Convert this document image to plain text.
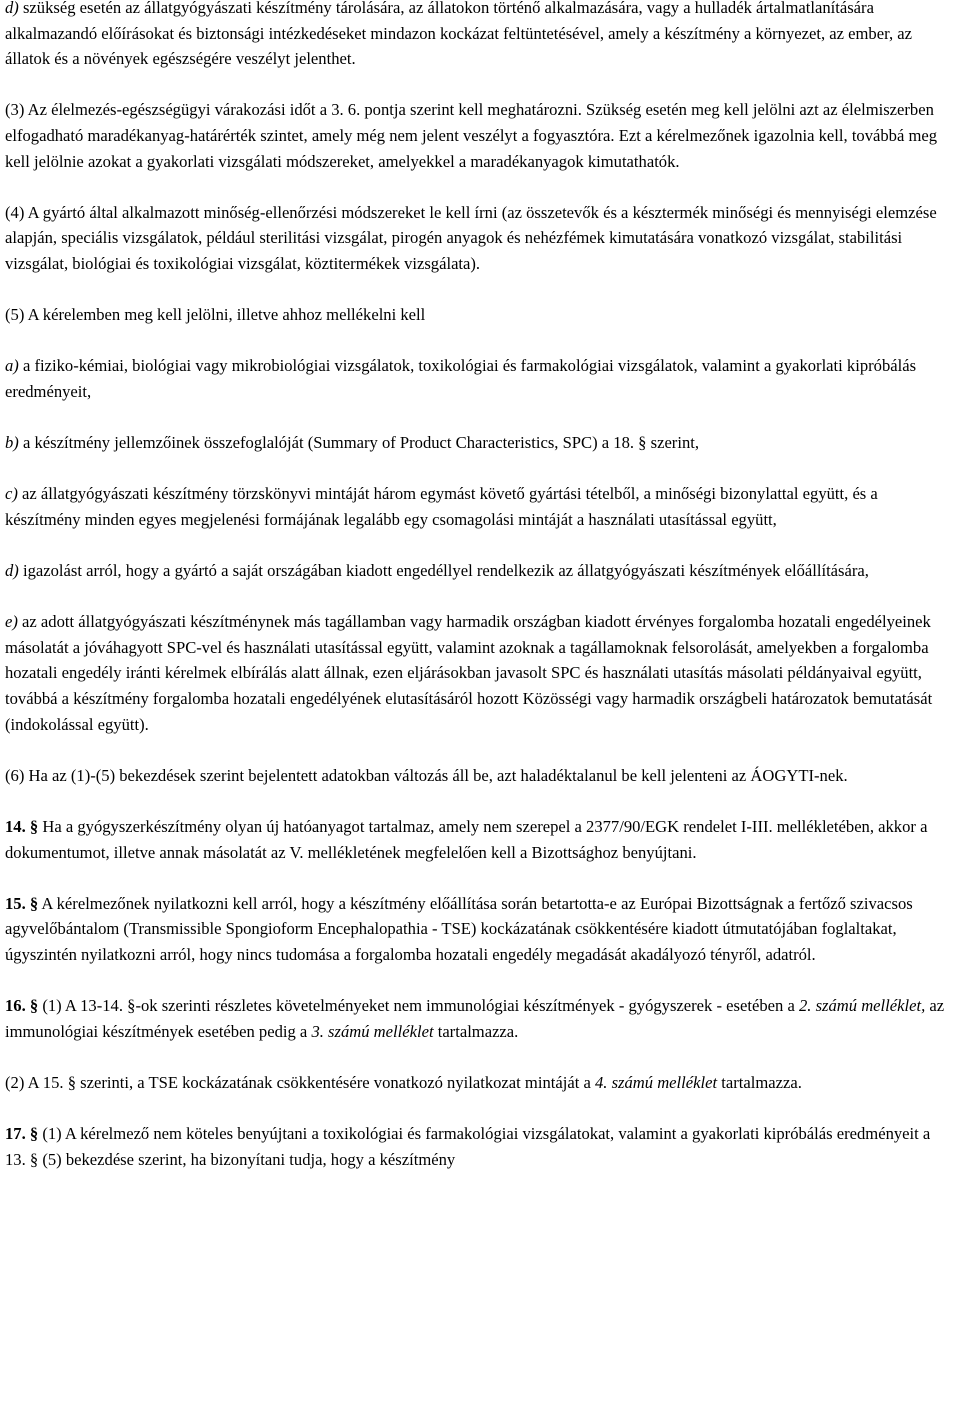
d) szükség esetén az állatgyógyászati készítmény tárolására, az állatokon történő alkalmazására, vagy a hulladék ártalmatlanítására alkalmazandó előírásokat és biztonsági intézkedéseket mindazon kockázat feltüntetésével, amely a készítmény a környezet, az ember, az állatok és a növények egészségére veszélyt jelenthet.

(3) Az élelmezés-egészségügyi várakozási időt a 3. 6. pontja szerint kell meghatározni. Szükség esetén meg kell jelölni azt az élelmiszerben elfogadható maradékanyag-határérték szintet, amely még nem jelent veszélyt a fogyasztóra. Ezt a kérelmezőnek igazolnia kell, továbbá meg kell jelölnie azokat a gyakorlati vizsgálati módszereket, amelyekkel a maradékanyagok kimutathatók.

(4) A gyártó által alkalmazott minőség-ellenőrzési módszereket le kell írni (az összetevők és a késztermék minőségi és mennyiségi elemzése alapján, speciális vizsgálatok, például sterilitási vizsgálat, pirogén anyagok és nehézfémek kimutatására vonatkozó vizsgálat, stabilitási vizsgálat, biológiai és toxikológiai vizsgálat, köztitermékek vizsgálata).

(5) A kérelemben meg kell jelölni, illetve ahhoz mellékelni kell

a) a fiziko-kémiai, biológiai vagy mikrobiológiai vizsgálatok, toxikológiai és farmakológiai vizsgálatok, valamint a gyakorlati kipróbálás eredményeit,

b) a készítmény jellemzőinek összefoglalóját (Summary of Product Characteristics, SPC) a 18. § szerint,

c) az állatgyógyászati készítmény törzskönyvi mintáját három egymást követő gyártási tételből, a minőségi bizonylattal együtt, és a készítmény minden egyes megjelenési formájának legalább egy csomagolási mintáját a használati utasítással együtt,

d) igazolást arról, hogy a gyártó a saját országában kiadott engedéllyel rendelkezik az állatgyógyászati készítmények előállítására,

e) az adott állatgyógyászati készítménynek más tagállamban vagy harmadik országban kiadott érvényes forgalomba hozatali engedélyeinek másolatát a jóváhagyott SPC-vel és használati utasítással együtt, valamint azoknak a tagállamoknak felsorolását, amelyekben a forgalomba hozatali engedély iránti kérelmek elbírálás alatt állnak, ezen eljárásokban javasolt SPC és használati utasítás másolati példányaival együtt, továbbá a készítmény forgalomba hozatali engedélyének elutasításáról hozott Közösségi vagy harmadik országbeli határozatok bemutatását (indokolással együtt).

(6) Ha az (1)-(5) bekezdések szerint bejelentett adatokban változás áll be, azt haladéktalanul be kell jelenteni az ÁOGYTI-nek.

14. § Ha a gyógyszerkészítmény olyan új hatóanyagot tartalmaz, amely nem szerepel a 2377/90/EGK rendelet I-III. mellékletében, akkor a dokumentumot, illetve annak másolatát az V. mellékletének megfelelően kell a Bizottsághoz benyújtani.

15. § A kérelmezőnek nyilatkozni kell arról, hogy a készítmény előállítása során betartotta-e az Európai Bizottságnak a fertőző szivacsos agyvelőbántalom (Transmissible Spongioform Encephalopathia - TSE) kockázatának csökkentésére kiadott útmutatójában foglaltakat, úgyszintén nyilatkozni arról, hogy nincs tudomása a forgalomba hozatali engedély megadását akadályozó tényről, adatról.

16. § (1) A 13-14. §-ok szerinti részletes követelményeket nem immunológiai készítmények - gyógyszerek - esetében a 2. számú melléklet, az immunológiai készítmények esetében pedig a 3. számú melléklet tartalmazza.

(2) A 15. § szerinti, a TSE kockázatának csökkentésére vonatkozó nyilatkozat mintáját a 4. számú melléklet tartalmazza.

17. § (1) A kérelmező nem köteles benyújtani a toxikológiai és farmakológiai vizsgálatokat, valamint a gyakorlati kipróbálás eredményeit a 13. § (5) bekezdése szerint, ha bizonyítani tudja, hogy a készítmény
